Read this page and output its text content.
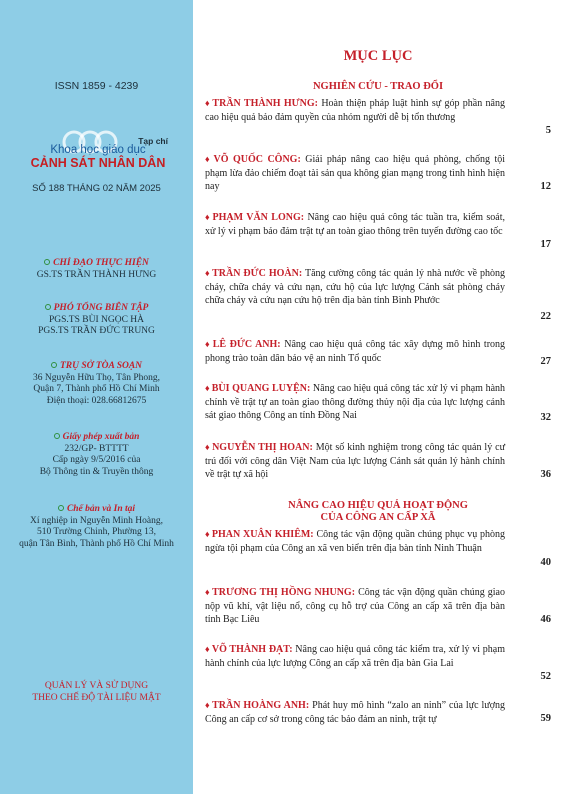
ISSN 1859 - 4239
Tạp chí
Khoa học giáo dục
CẢNH SÁT NHÂN DÂN
SỐ 188 THÁNG 02 NĂM 2025
CHỈ ĐẠO THỰC HIỆN
GS.TS TRẦN THÀNH HƯNG
PHÓ TỔNG BIÊN TẬP
PGS.TS BÙI NGỌC HÀ
PGS.TS TRẦN ĐỨC TRUNG
TRỤ SỞ TÒA SOẠN
36 Nguyễn Hữu Thọ, Tân Phong,
Quận 7, Thành phố Hồ Chí Minh
Điện thoại: 028.66812675
Giấy phép xuất bản
232/GP- BTTTT
Cấp ngày 9/5/2016 của
Bộ Thông tin & Truyền thông
Chế bản và In tại
Xí nghiệp in Nguyễn Minh Hoàng,
510 Trường Chinh, Phường 13,
quận Tân Bình, Thành phố Hồ Chí Minh
QUẢN LÝ VÀ SỬ DỤNG
THEO CHẾ ĐỘ TÀI LIỆU MẬT
MỤC LỤC
NGHIÊN CỨU - TRAO ĐỔI
♦ TRẦN THÀNH HƯNG: Hoàn thiện pháp luật hình sự góp phần nâng cao hiệu quả bảo đảm quyền của nhóm người dễ bị tổn thương
5
♦ VÕ QUỐC CÔNG: Giải pháp nâng cao hiệu quả phòng, chống tội phạm lừa đảo chiếm đoạt tài sản qua không gian mạng trong tình hình hiện nay	12
♦ PHẠM VĂN LONG: Nâng cao hiệu quả công tác tuần tra, kiểm soát, xử lý vi phạm bảo đảm trật tự an toàn giao thông trên tuyến đường cao tốc
17
♦ TRẦN ĐỨC HOÀN: Tăng cường công tác quản lý nhà nước về phòng cháy, chữa cháy và cứu nạn, cứu hộ của lực lượng Cảnh sát phòng cháy chữa cháy và cứu nạn cứu hộ trên địa bàn tỉnh Bình Phước
22
♦ LÊ ĐỨC ANH: Nâng cao hiệu quả công tác xây dựng mô hình trong phong trào toàn dân bảo vệ an ninh Tổ quốc	27
♦ BÙI QUANG LUYỆN: Nâng cao hiệu quả công tác xử lý vi phạm hành chính về trật tự an toàn giao thông đường thủy nội địa của lực lượng cảnh sát giao thông Công an tỉnh Đồng Nai	32
♦ NGUYỄN THỊ HOAN: Một số kinh nghiệm trong công tác quản lý cư trú đối với công dân Việt Nam của lực lượng Cảnh sát quản lý hành chính về trật tự xã hội	36
NÂNG CAO HIỆU QUẢ HOẠT ĐỘNG
CỦA CÔNG AN CẤP XÃ
♦ PHAN XUÂN KHIÊM: Công tác vận động quần chúng phục vụ phòng ngừa tội phạm của Công an xã ven biển trên địa bàn tỉnh Ninh Thuận
40
♦ TRƯƠNG THỊ HỒNG NHUNG: Công tác vận động quần chúng giao nộp vũ khí, vật liệu nổ, công cụ hỗ trợ của Công an cấp xã trên địa bàn tỉnh Bạc Liêu	46
♦ VÕ THÀNH ĐẠT: Nâng cao hiệu quả công tác kiểm tra, xử lý vi phạm hành chính của lực lượng Công an cấp xã trên địa bàn Gia Lai
52
♦ TRẦN HOÀNG ANH: Phát huy mô hình “zalo an ninh” của lực lượng Công an cấp cơ sở trong công tác bảo đảm an ninh, trật tự	59
